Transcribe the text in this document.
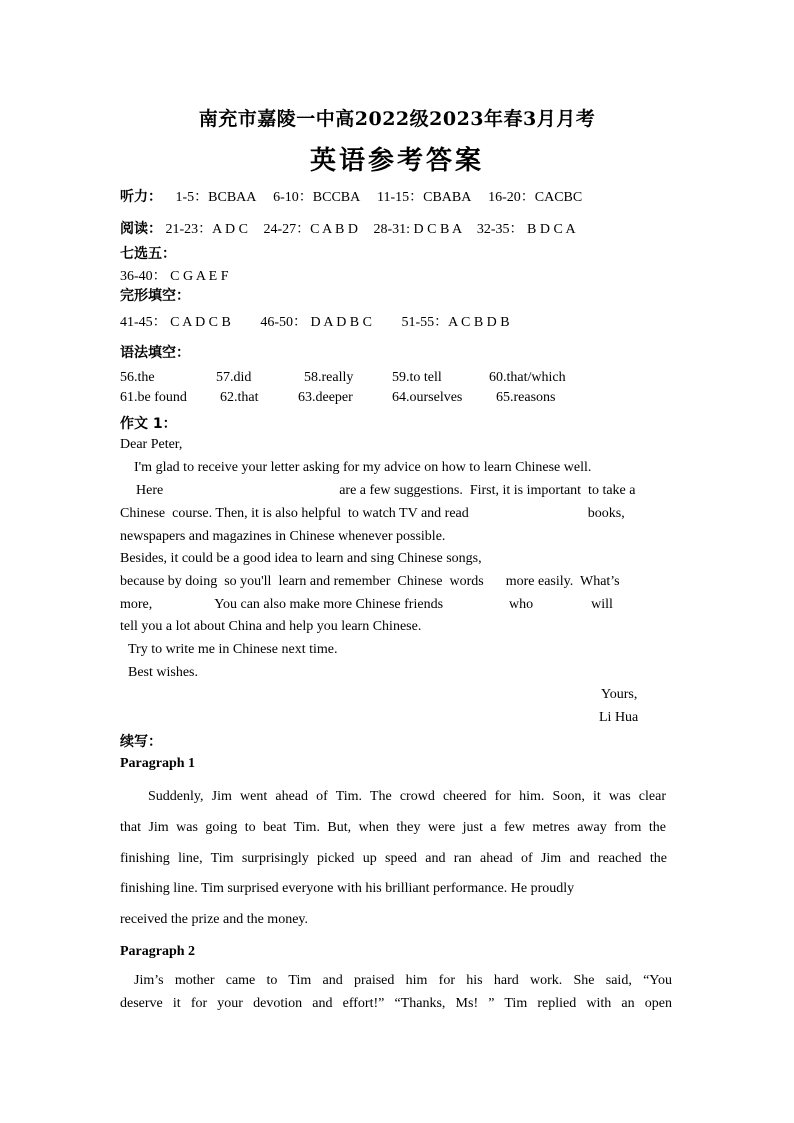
南充市嘉陵一中高2022级2023年春3月月考
英语参考答案
听力： 1-5：BCBAA 6-10：BCCBA 11-15：CBABA 16-20：CACBC
阅读： 21-23：A D C 24-27：C A B D 28-31: D C B A 32-35： B D C A
七选五：
36-40： C G A E F
完形填空：
41-45： C A D C B 46-50： D A D B C 51-55：A C B D B
语法填空：
56.the	57.did	58.really	59.to tell	60.that/which
61.be found 62.that	63.deeper	64.ourselves 65.reasons
作文 1：
Dear Peter,
I'm glad to receive your letter asking for my advice on how to learn Chinese well.
Here	are a few suggestions.  First, it is important  to take a
Chinese  course. Then, it is also helpful  to watch TV and read	books,
newspapers and magazines in Chinese whenever possible.
Besides, it could be a good idea to learn and sing Chinese songs,
because by doing  so you'll  learn and remember  Chinese  words more easily.  What’s
more,	You can also make more Chinese friends	who	will
tell you a lot about China and help you learn Chinese.
Try to write me in Chinese next time.
Best wishes.
Yours,
Li Hua
续写：
Paragraph 1
Suddenly, Jim went ahead of Tim. The crowd cheered for him. Soon, it was clear
that Jim was going to beat Tim. But, when they were just a few metres away from the
finishing line, Tim surprisingly picked up speed and ran ahead of Jim and reached the
finishing line. Tim surprised everyone with his brilliant performance. He proudly
received the prize and the money.
Paragraph 2
Jim’s mother came to Tim and praised him for his hard work. She said, “You
deserve it for your devotion and effort!” “Thanks, Ms! ” Tim replied with an open
